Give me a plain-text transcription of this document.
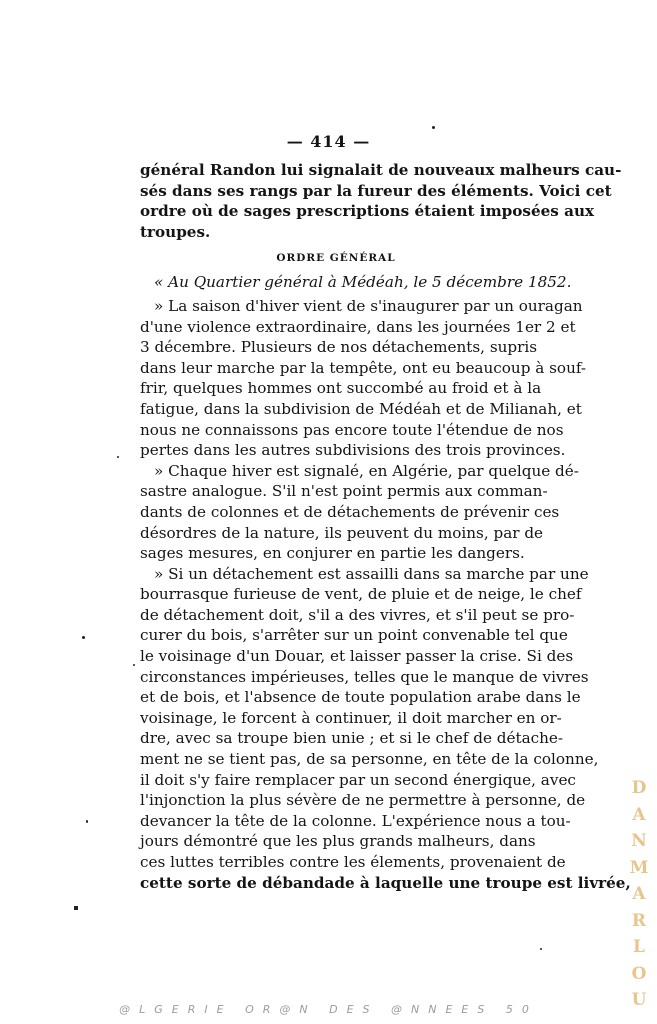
— 414 —
général Randon lui signalait de nouveaux malheurs cau-
sés dans ses rangs par la fureur des éléments. Voici cet
ordre où de sages prescriptions étaient imposées aux
troupes.
ORDRE GÉNÉRAL
« Au Quartier général à Médéah, le 5 décembre 1852.
» La saison d'hiver vient de s'inaugurer par un ouragan
d'une violence extraordinaire, dans les journées 1er 2 et
3 décembre. Plusieurs de nos détachements, supris
dans leur marche par la tempête, ont eu beaucoup à souf-
frir, quelques hommes ont succombé au froid et à la
fatigue, dans la subdivision de Médéah et de Milianah, et
nous ne connaissons pas encore toute l'étendue de nos
pertes dans les autres subdivisions des trois provinces.
» Chaque hiver est signalé, en Algérie, par quelque dé-
sastre analogue. S'il n'est point permis aux comman-
dants de colonnes et de détachements de prévenir ces
désordres de la nature, ils peuvent du moins, par de
sages mesures, en conjurer en partie les dangers.
» Si un détachement est assailli dans sa marche par une
bourrasque furieuse de vent, de pluie et de neige, le chef
de détachement doit, s'il a des vivres, et s'il peut se pro-
curer du bois, s'arrêter sur un point convenable tel que
le voisinage d'un Douar, et laisser passer la crise. Si des
circonstances impérieuses, telles que le manque de vivres
et de bois, et l'absence de toute population arabe dans le
voisinage, le forcent à continuer, il doit marcher en or-
dre, avec sa troupe bien unie ; et si le chef de détache-
ment ne se tient pas, de sa personne, en tête de la colonne,
il doit s'y faire remplacer par un second énergique, avec
l'injonction la plus sévère de ne permettre à personne, de
devancer la tête de la colonne. L'expérience nous a tou-
jours démontré que les plus grands malheurs, dans
ces luttes terribles contre les élements, provenaient de
cette sorte de débandade à laquelle une troupe est livrée,
D
A
N
M
A
R
L
O
U
@LGERIE OR@N DES @NNEES 50
